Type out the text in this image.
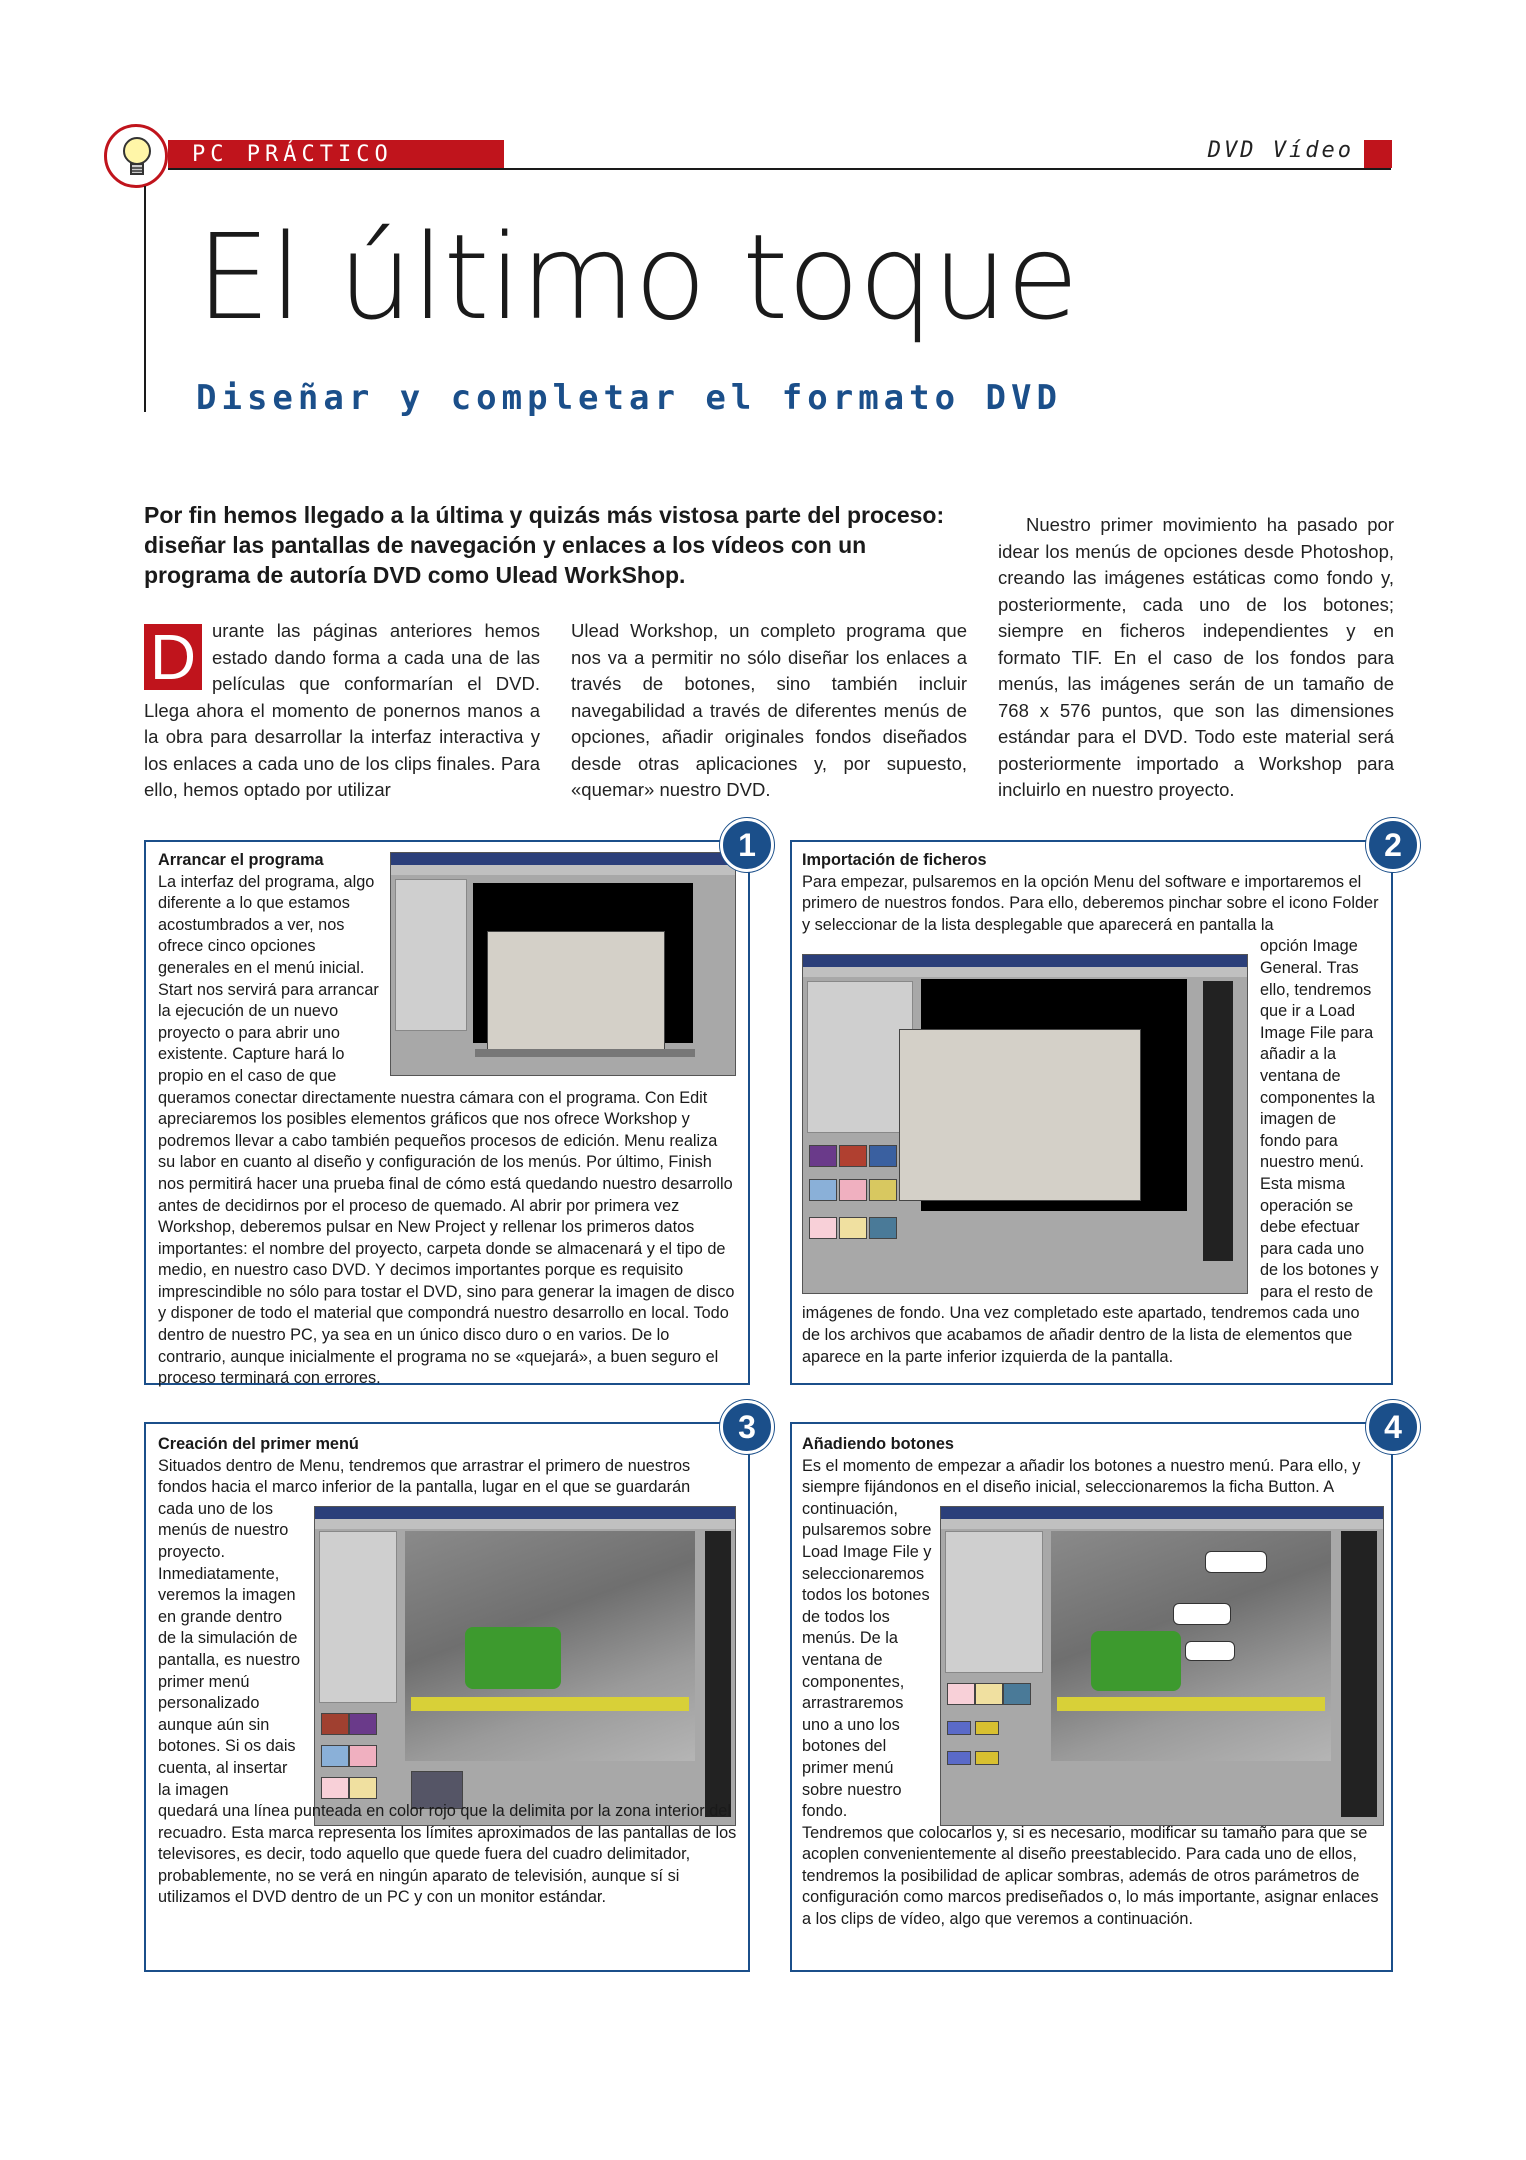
PC PRÁCTICO	DVD Vídeo
El último toque
Diseñar y completar el formato DVD

Por fin hemos llegado a la última y quizás más vistosa parte del proceso: diseñar las pantallas de navegación y enlaces a los vídeos con un programa de autoría DVD como Ulead WorkShop.

D urante las páginas anteriores hemos estado dando forma a cada una de las películas que conformarían el DVD. Llega ahora el momento de ponernos manos a la obra para desarrollar la interfaz interactiva y los enlaces a cada uno de los clips finales. Para ello, hemos optado por utilizar
Ulead Workshop, un completo programa que nos va a permitir no sólo diseñar los enlaces a través de botones, sino también incluir navegabilidad a través de diferentes menús de opciones, añadir originales fondos diseñados desde otras aplicaciones y, por supuesto, «quemar» nuestro DVD.
Nuestro primer movimiento ha pasado por idear los menús de opciones desde Photoshop, creando las imágenes estáticas como fondo y, posteriormente, cada uno de los botones; siempre en ficheros independientes y en formato TIF. En el caso de los fondos para menús, las imágenes serán de un tamaño de 768 x 576 puntos, que son las dimensiones estándar para el DVD. Todo este material será posteriormente importado a Workshop para incluirlo en nuestro proyecto.
Arrancar el programa
La interfaz del programa, algo diferente a lo que estamos acostumbrados a ver, nos ofrece cinco opciones generales en el menú inicial. Start nos servirá para arrancar la ejecución de un nuevo proyecto o para abrir uno existente. Capture hará lo propio en el caso de que
queramos conectar directamente nuestra cámara con el programa. Con Edit apreciaremos los posibles elementos gráficos que nos ofrece Workshop y podremos llevar a cabo también pequeños procesos de edición. Menu realiza su labor en cuanto al diseño y configuración de los menús. Por último, Finish nos permitirá hacer una prueba final de cómo está quedando nuestro desarrollo antes de decidirnos por el proceso de quemado. Al abrir por primera vez Workshop, deberemos pulsar en New Project y rellenar los primeros datos importantes: el nombre del proyecto, carpeta donde se almacenará y el tipo de medio, en nuestro caso DVD. Y decimos importantes porque es requisito imprescindible no sólo para tostar el DVD, sino para generar la imagen de disco y disponer de todo el material que compondrá nuestro desarrollo en local. Todo dentro de nuestro PC, ya sea en un único disco duro o en varios. De lo contrario, aunque inicialmente el programa no se «quejará», a buen seguro el proceso terminará con errores.
1	Importación de ficheros
Para empezar, pulsaremos en la opción Menu del software e importaremos el primero de nuestros fondos. Para ello, deberemos pinchar sobre el icono Folder y seleccionar de la lista desplegable que aparecerá en pantalla la
opción Image General. Tras ello, tendremos que ir a Load Image File para añadir a la ventana de componentes la imagen de fondo para nuestro menú. Esta misma operación se debe efectuar para cada uno de los botones y para el resto de
imágenes de fondo. Una vez completado este apartado, tendremos cada uno de los archivos que acabamos de añadir dentro de la lista de elementos que aparece en la parte inferior izquierda de la pantalla.
2
Creación del primer menú
Situados dentro de Menu, tendremos que arrastrar el primero de nuestros fondos hacia el marco inferior de la pantalla, lugar en el que se guardarán
cada uno de los menús de nuestro proyecto. Inmediatamente, veremos la imagen en grande dentro de la simulación de pantalla, es nuestro primer menú personalizado aunque aún sin botones. Si os dais cuenta, al insertar la imagen
quedará una línea punteada en color rojo que la delimita por la zona interior del recuadro. Esta marca representa los límites aproximados de las pantallas de los televisores, es decir, todo aquello que quede fuera del cuadro delimitador, probablemente, no se verá en ningún aparato de televisión, aunque sí si utilizamos el DVD dentro de un PC y con un monitor estándar.
3	Añadiendo botones
Es el momento de empezar a añadir los botones a nuestro menú. Para ello, y siempre fijándonos en el diseño inicial, seleccionaremos la ficha Button. A
continuación, pulsaremos sobre Load Image File y seleccionaremos todos los botones de todos los menús. De la ventana de componentes, arrastraremos uno a uno los botones del primer menú sobre nuestro fondo.
Tendremos que colocarlos y, si es necesario, modificar su tamaño para que se acoplen convenientemente al diseño preestablecido. Para cada uno de ellos, tendremos la posibilidad de aplicar sombras, además de otros parámetros de configuración como marcos prediseñados o, lo más importante, asignar enlaces a los clips de vídeo, algo que veremos a continuación.
4
